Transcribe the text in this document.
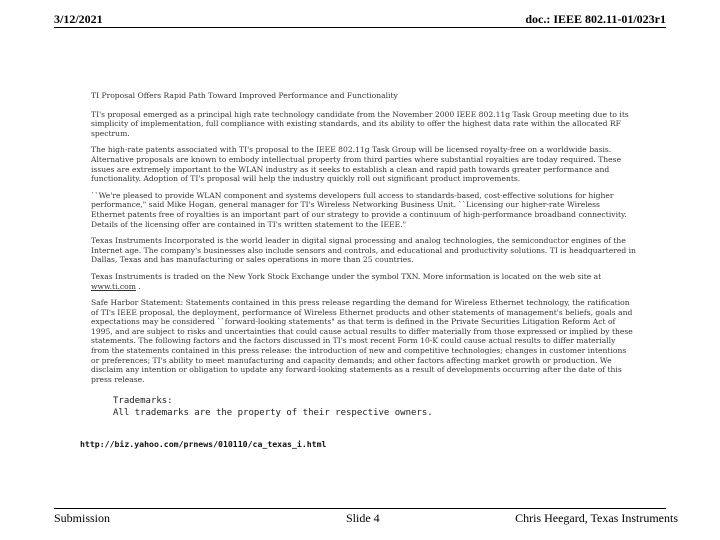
3/12/2021	doc.: IEEE 802.11-01/023r1

TI Proposal Offers Rapid Path Toward Improved Performance and Functionality

TI's proposal emerged as a principal high rate technology candidate from the November 2000 IEEE 802.11g Task Group meeting due to its simplicity of implementation, full compliance with existing standards, and its ability to offer the highest data rate within the allocated RF spectrum.

The high-rate patents associated with TI's proposal to the IEEE 802.11g Task Group will be licensed royalty-free on a worldwide basis. Alternative proposals are known to embody intellectual property from third parties where substantial royalties are today required. These issues are extremely important to the WLAN industry as it seeks to establish a clean and rapid path towards greater performance and functionality. Adoption of TI's proposal will help the industry quickly roll out significant product improvements.

``We're pleased to provide WLAN component and systems developers full access to standards-based, cost-effective solutions for higher performance," said Mike Hogan, general manager for TI's Wireless Networking Business Unit. ``Licensing our higher-rate Wireless Ethernet patents free of royalties is an important part of our strategy to provide a continuum of high-performance broadband connectivity. Details of the licensing offer are contained in TI's written statement to the IEEE."

Texas Instruments Incorporated is the world leader in digital signal processing and analog technologies, the semiconductor engines of the Internet age. The company's businesses also include sensors and controls, and educational and productivity solutions. TI is headquartered in Dallas, Texas and has manufacturing or sales operations in more than 25 countries.

Texas Instruments is traded on the New York Stock Exchange under the symbol TXN. More information is located on the web site at www.ti.com .

Safe Harbor Statement: Statements contained in this press release regarding the demand for Wireless Ethernet technology, the ratification of TI's IEEE proposal, the deployment, performance of Wireless Ethernet products and other statements of management's beliefs, goals and expectations may be considered ``forward-looking statements" as that term is defined in the Private Securities Litigation Reform Act of 1995, and are subject to risks and uncertainties that could cause actual results to differ materially from those expressed or implied by these statements. The following factors and the factors discussed in TI's most recent Form 10-K could cause actual results to differ materially from the statements contained in this press release: the introduction of new and competitive technologies; changes in customer intentions or preferences; TI's ability to meet manufacturing and capacity demands; and other factors affecting market growth or production. We disclaim any intention or obligation to update any forward-looking statements as a result of developments occurring after the date of this press release.

Trademarks:
All trademarks are the property of their respective owners.
http://biz.yahoo.com/prnews/010110/ca_texas_i.html
Submission	Slide 4	Chris Heegard, Texas Instruments
